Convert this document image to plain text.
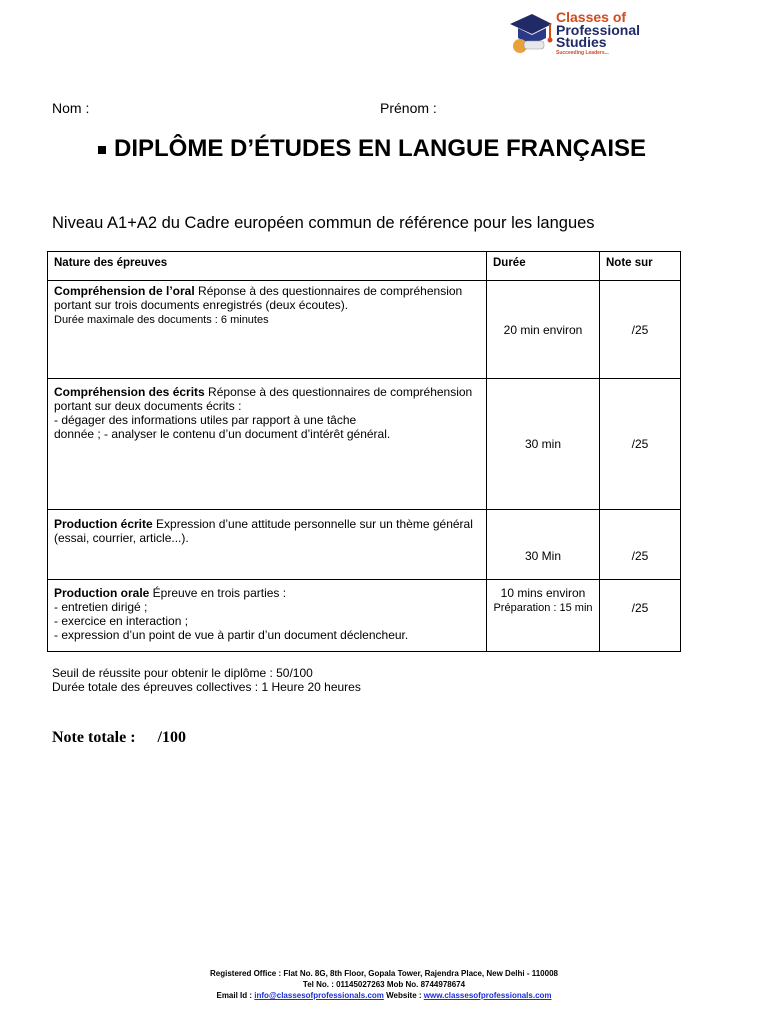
Classes of
Professional
Studies
Succeeding Leaders...
Nom :	Prénom :
DIPLÔME D’ÉTUDES EN LANGUE FRANÇAISE
Niveau A1+A2 du Cadre européen commun de référence pour les langues
Nature des épreuves	Durée	Note sur
Compréhension de l’oral Réponse à des questionnaires de compréhension portant sur trois documents enregistrés (deux écoutes).
Durée maximale des documents : 6 minutes	20 min environ	/25
Compréhension des écrits Réponse à des questionnaires de compréhension portant sur deux documents écrits :
- dégager des informations utiles par rapport à une tâche
donnée ; - analyser le contenu d’un document d’intérêt général.	30 min	/25
Production écrite Expression d’une attitude personnelle sur un thème général (essai, courrier, article...).	30 Min	/25
Production orale Épreuve en trois parties :
- entretien dirigé ;
- exercice en interaction ;
- expression d’un point de vue à partir d’un document déclencheur.	10 mins environ
Préparation : 15 min	/25
Seuil de réussite pour obtenir le diplôme : 50/100
Durée totale des épreuves collectives : 1 Heure 20 heures
Note totale : /100
Registered Office : Flat No. 8G, 8th Floor, Gopala Tower, Rajendra Place, New Delhi - 110008
Tel No. : 01145027263 Mob No. 8744978674
Email Id : info@classesofprofessionals.com Website : www.classesofprofessionals.com
